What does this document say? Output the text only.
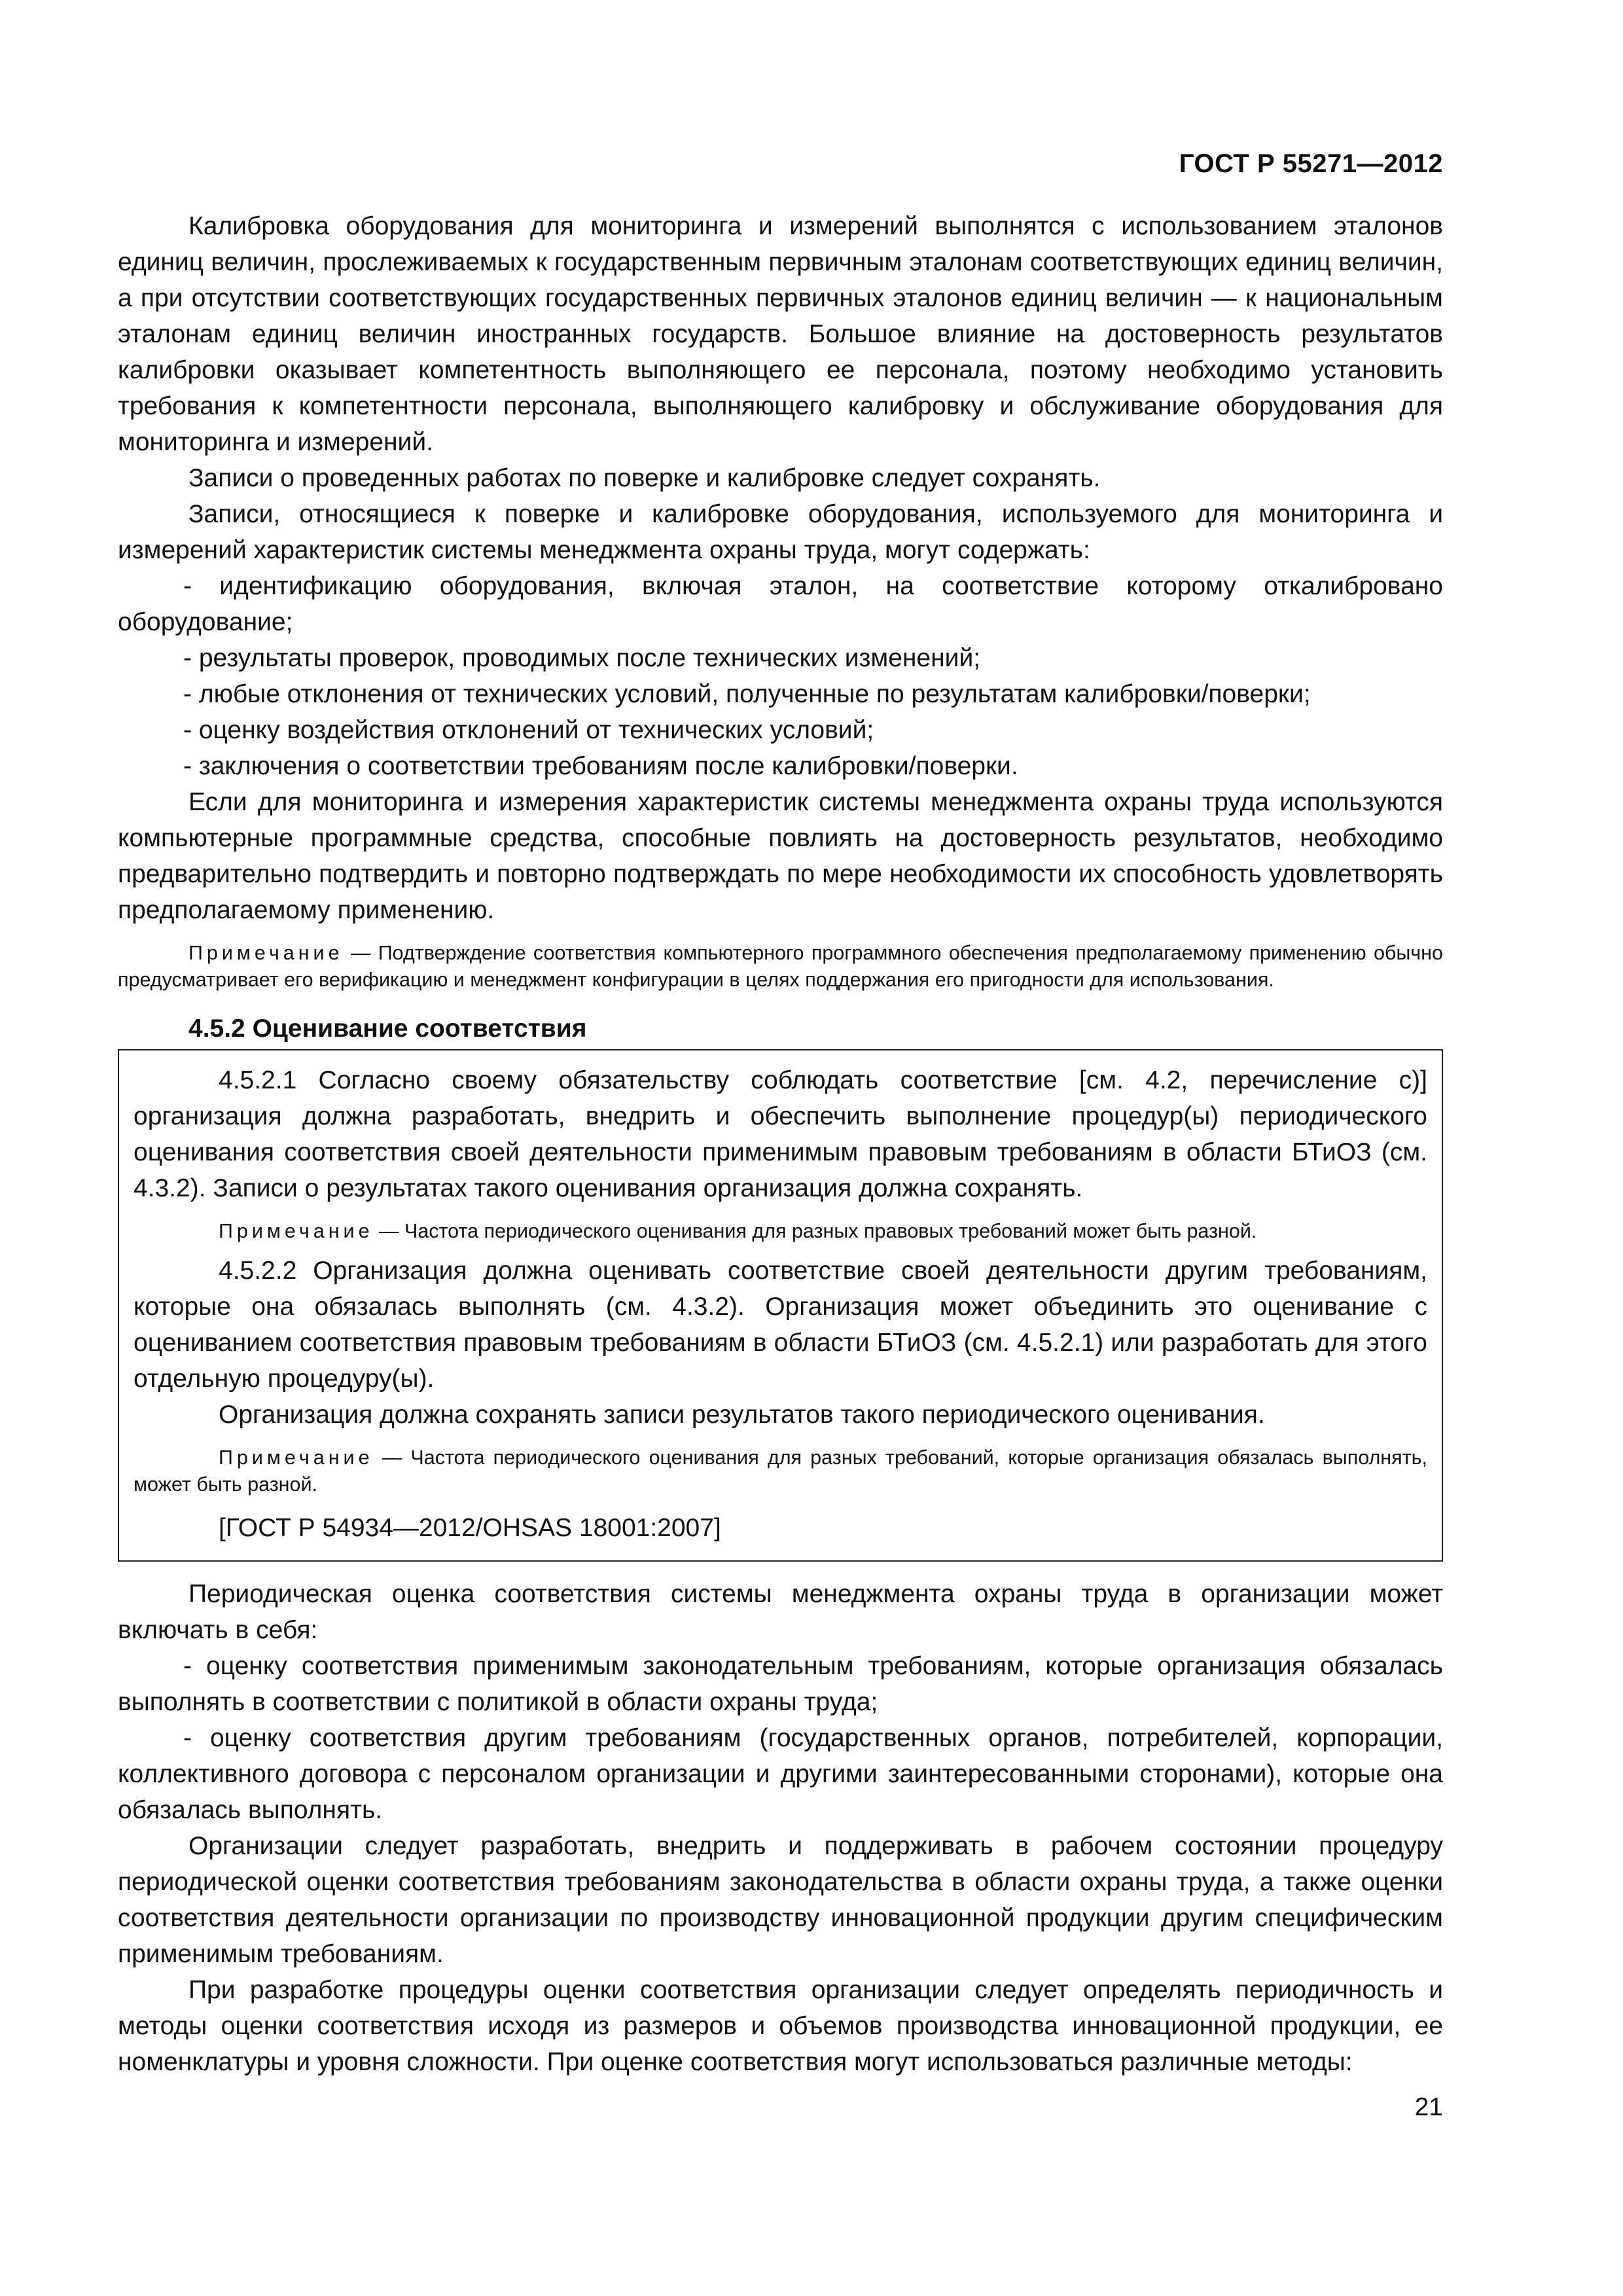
ГОСТ Р 55271—2012

Калибровка оборудования для мониторинга и измерений выполнятся с использованием эталонов единиц величин, прослеживаемых к государственным первичным эталонам соответствующих единиц величин, а при отсутствии соответствующих государственных первичных эталонов единиц величин — к национальным эталонам единиц величин иностранных государств. Большое влияние на достоверность результатов калибровки оказывает компетентность выполняющего ее персонала, поэтому необходимо установить требования к компетентности персонала, выполняющего калибровку и обслуживание оборудования для мониторинга и измерений.

Записи о проведенных работах по поверке и калибровке следует сохранять.

Записи, относящиеся к поверке и калибровке оборудования, используемого для мониторинга и измерений характеристик системы менеджмента охраны труда, могут содержать:

- идентификацию оборудования, включая эталон, на соответствие которому откалибровано оборудование;

- результаты проверок, проводимых после технических изменений;

- любые отклонения от технических условий, полученные по результатам калибровки/поверки;

- оценку воздействия отклонений от технических условий;

- заключения о соответствии требованиям после калибровки/поверки.

Если для мониторинга и измерения характеристик системы менеджмента охраны труда используются компьютерные программные средства, способные повлиять на достоверность результатов, необходимо предварительно подтвердить и повторно подтверждать по мере необходимости их способность удовлетворять предполагаемому применению.

Примечание — Подтверждение соответствия компьютерного программного обеспечения предполагаемому применению обычно предусматривает его верификацию и менеджмент конфигурации в целях поддержания его пригодности для использования.
4.5.2 Оценивание соответствия

4.5.2.1 Согласно своему обязательству соблюдать соответствие [см. 4.2, перечисление с)] организация должна разработать, внедрить и обеспечить выполнение процедур(ы) периодического оценивания соответствия своей деятельности применимым правовым требованиям в области БТиОЗ (см. 4.3.2). Записи о результатах такого оценивания организация должна сохранять.

Примечание — Частота периодического оценивания для разных правовых требований может быть разной.

4.5.2.2 Организация должна оценивать соответствие своей деятельности другим требованиям, которые она обязалась выполнять (см. 4.3.2). Организация может объединить это оценивание с оцениванием соответствия правовым требованиям в области БТиОЗ (см. 4.5.2.1) или разработать для этого отдельную процедуру(ы).

Организация должна сохранять записи результатов такого периодического оценивания.

Примечание — Частота периодического оценивания для разных требований, которые организация обязалась выполнять, может быть разной.
[ГОСТ Р 54934—2012/OHSAS 18001:2007]

Периодическая оценка соответствия системы менеджмента охраны труда в организации может включать в себя:

- оценку соответствия применимым законодательным требованиям, которые организация обязалась выполнять в соответствии с политикой в области охраны труда;

- оценку соответствия другим требованиям (государственных органов, потребителей, корпорации, коллективного договора с персоналом организации и другими заинтересованными сторонами), которые она обязалась выполнять.

Организации следует разработать, внедрить и поддерживать в рабочем состоянии процедуру периодической оценки соответствия требованиям законодательства в области охраны труда, а также оценки соответствия деятельности организации по производству инновационной продукции другим специфическим применимым требованиям.

При разработке процедуры оценки соответствия организации следует определять периодичность и методы оценки соответствия исходя из размеров и объемов производства инновационной продукции, ее номенклатуры и уровня сложности. При оценке соответствия могут использоваться различные методы:

21
